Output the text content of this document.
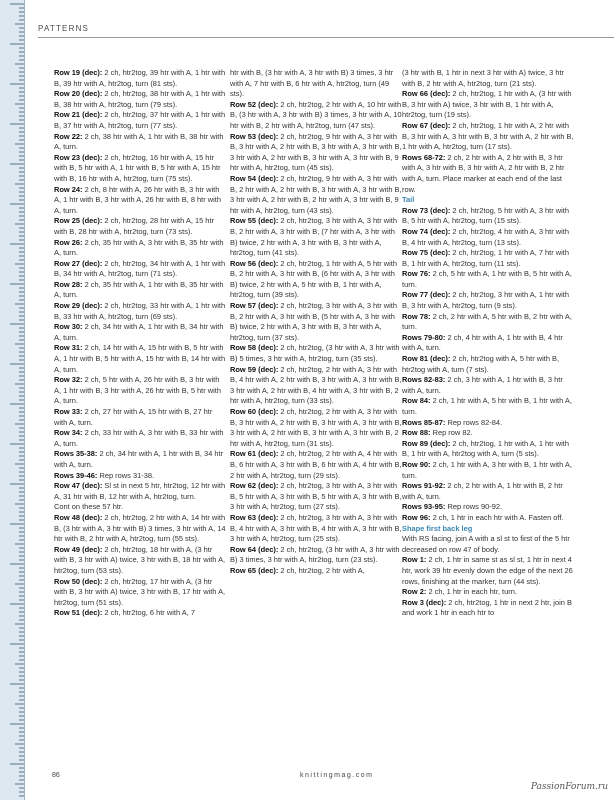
PATTERNS

Row 19 (dec): 2 ch, htr2tog, 39 htr with A, 1 htr with B, 39 htr with A, htr2tog, turn (81 sts).

Row 20 (dec): 2 ch, htr2tog, 38 htr with A, 1 htr with B, 38 htr with A, htr2tog, turn (79 sts).

Row 21 (dec): 2 ch, htr2tog, 37 htr with A, 1 htr with B, 37 htr with A, htr2tog, turn (77 sts).

Row 22: 2 ch, 38 htr with A, 1 htr with B, 38 htr with A, turn.

Row 23 (dec): 2 ch, htr2tog, 16 htr with A, 15 htr with B, 5 htr with A, 1 htr with B, 5 htr with A, 15 htr with B, 16 htr with A, htr2tog, turn (75 sts).

Row 24: 2 ch, 8 htr with A, 26 htr with B, 3 htr with A, 1 htr with B, 3 htr with A, 26 htr with B, 8 htr with A, turn.

Row 25 (dec): 2 ch, htr2tog, 28 htr with A, 15 htr with B, 28 htr with A, htr2tog, turn (73 sts).

Row 26: 2 ch, 35 htr with A, 3 htr with B, 35 htr with A, turn.

Row 27 (dec): 2 ch, htr2tog, 34 htr with A, 1 htr with B, 34 htr with A, htr2tog, turn (71 sts).

Row 28: 2 ch, 35 htr with A, 1 htr with B, 35 htr with A, turn.

Row 29 (dec): 2 ch, htr2tog, 33 htr with A, 1 htr with B, 33 htr with A, htr2tog, turn (69 sts).

Row 30: 2 ch, 34 htr with A, 1 htr with B, 34 htr with A, turn.

Row 31: 2 ch, 14 htr with A, 15 htr with B, 5 htr with A, 1 htr with B, 5 htr with A, 15 htr with B, 14 htr with A, turn.

Row 32: 2 ch, 5 htr with A, 26 htr with B, 3 htr with A, 1 htr with B, 3 htr with A, 26 htr with B, 5 htr with A, turn.

Row 33: 2 ch, 27 htr with A, 15 htr with B, 27 htr with A, turn.

Row 34: 2 ch, 33 htr with A, 3 htr with B, 33 htr with A, turn.

Rows 35-38: 2 ch, 34 htr with A, 1 htr with B, 34 htr with A, turn.

Rows 39-46: Rep rows 31-38.

Row 47 (dec): Sl st in next 5 htr, htr2tog, 12 htr with A, 31 htr with B, 12 htr with A, htr2tog, turn.

Cont on these 57 htr.

Row 48 (dec): 2 ch, htr2tog, 2 htr with A, 14 htr with B, (3 htr with A, 3 htr with B) 3 times, 3 htr with A, 14 htr with B, 2 htr with A, htr2tog, turn (55 sts).

Row 49 (dec): 2 ch, htr2tog, 18 htr with A, (3 htr with B, 3 htr with A) twice, 3 htr with B, 18 htr with A, htr2tog, turn (53 sts).

Row 50 (dec): 2 ch, htr2tog, 17 htr with A, (3 htr with B, 3 htr with A) twice, 3 htr with B, 17 htr with A, htr2tog, turn (51 sts).

Row 51 (dec): 2 ch, htr2tog, 6 htr with A, 7

htr with B, (3 htr with A, 3 htr with B) 3 times, 3 htr with A, 7 htr with B, 6 htr with A, htr2tog, turn (49 sts).

Row 52 (dec): 2 ch, htr2tog, 2 htr with A, 10 htr with B, (3 htr with A, 3 htr with B) 3 times, 3 htr with A, 10 htr with B, 2 htr with A, htr2tog, turn (47 sts).

Row 53 (dec): 2 ch, htr2tog, 9 htr with A, 3 htr with B, 3 htr with A, 2 htr with B, 3 htr with A, 3 htr with B, 3 htr with A, 2 htr with B, 3 htr with A, 3 htr with B, 9 htr with A, htr2tog, turn (45 sts).

Row 54 (dec): 2 ch, htr2tog, 9 htr with A, 3 htr with B, 2 htr with A, 2 htr with B, 3 htr with A, 3 htr with B, 3 htr with A, 2 htr with B, 2 htr with A, 3 htr with B, 9 htr with A, htr2tog, turn (43 sts).

Row 55 (dec): 2 ch, htr2tog, 3 htr with A, 3 htr with B, 2 htr with A, 3 htr with B, (7 htr with A, 3 htr with B) twice, 2 htr with A, 3 htr with B, 3 htr with A, htr2tog, turn (41 sts).

Row 56 (dec): 2 ch, htr2tog, 1 htr with A, 5 htr with B, 2 htr with A, 3 htr with B, (6 htr with A, 3 htr with B) twice, 2 htr with A, 5 htr with B, 1 htr with A, htr2tog, turn (39 sts).

Row 57 (dec): 2 ch, htr2tog, 3 htr with A, 3 htr with B, 2 htr with A, 3 htr with B, (5 htr with A, 3 htr with B) twice, 2 htr with A, 3 htr with B, 3 htr with A, htr2tog, turn (37 sts).

Row 58 (dec): 2 ch, htr2tog, (3 htr with A, 3 htr with B) 5 times, 3 htr with A, htr2tog, turn (35 sts).

Row 59 (dec): 2 ch, htr2tog, 2 htr with A, 3 htr with B, 4 htr with A, 2 htr with B, 3 htr with A, 3 htr with B, 3 htr with A, 2 htr with B, 4 htr with A, 3 htr with B, 2 htr with A, htr2tog, turn (33 sts).

Row 60 (dec): 2 ch, htr2tog, 2 htr with A, 3 htr with B, 3 htr with A, 2 htr with B, 3 htr with A, 3 htr with B, 3 htr with A, 2 htr with B, 3 htr with A, 3 htr with B, 2 htr with A, htr2tog, turn (31 sts).

Row 61 (dec): 2 ch, htr2tog, 2 htr with A, 4 htr with B, 6 htr with A, 3 htr with B, 6 htr with A, 4 htr with B, 2 htr with A, htr2tog, turn (29 sts).

Row 62 (dec): 2 ch, htr2tog, 3 htr with A, 3 htr with B, 5 htr with A, 3 htr with B, 5 htr with A, 3 htr with B, 3 htr with A, htr2tog, turn (27 sts).

Row 63 (dec): 2 ch, htr2tog, 3 htr with A, 3 htr with B, 4 htr with A, 3 htr with B, 4 htr with A, 3 htr with B, 3 htr with A, htr2tog, turn (25 sts).

Row 64 (dec): 2 ch, htr2tog, (3 htr with A, 3 htr with B) 3 times, 3 htr with A, htr2tog, turn (23 sts).

Row 65 (dec): 2 ch, htr2tog, 2 htr with A,

(3 htr with B, 1 htr in next 3 htr with A) twice, 3 htr with B, 2 htr with A, htr2tog, turn (21 sts).

Row 66 (dec): 2 ch, htr2tog, 1 htr with A, (3 htr with B, 3 htr with A) twice, 3 htr with B, 1 htr with A, htr2tog, turn (19 sts).

Row 67 (dec): 2 ch, htr2tog, 1 htr with A, 2 htr with B, 3 htr with A, 3 htr with B, 3 htr with A, 2 htr with B, 1 htr with A, htr2tog, turn (17 sts).

Rows 68-72: 2 ch, 2 htr with A, 2 htr with B, 3 htr with A, 3 htr with B, 3 htr with A, 2 htr with B, 2 htr with A, turn. Place marker at each end of the last row.

Tail

Row 73 (dec): 2 ch, htr2tog, 5 htr with A, 3 htr with B, 5 htr with A, htr2tog, turn (15 sts).

Row 74 (dec): 2 ch, htr2tog, 4 htr with A, 3 htr with B, 4 htr with A, htr2tog, turn (13 sts).

Row 75 (dec): 2 ch, htr2tog, 1 htr with A, 7 htr with B, 1 htr with A, htr2tog, turn (11 sts).

Row 76: 2 ch, 5 htr with A, 1 htr with B, 5 htr with A, turn.

Row 77 (dec): 2 ch, htr2tog, 3 htr with A, 1 htr with B, 3 htr with A, htr2tog, turn (9 sts).

Row 78: 2 ch, 2 htr with A, 5 htr with B, 2 htr with A, turn.

Rows 79-80: 2 ch, 4 htr with A, 1 htr with B, 4 htr with A, turn.

Row 81 (dec): 2 ch, htr2tog with A, 5 htr with B, htr2tog with A, turn (7 sts).

Rows 82-83: 2 ch, 3 htr with A, 1 htr with B, 3 htr with A, turn.

Row 84: 2 ch, 1 htr with A, 5 htr with B, 1 htr with A, turn.

Rows 85-87: Rep rows 82-84.

Row 88: Rep row 82.

Row 89 (dec): 2 ch, htr2tog, 1 htr with A, 1 htr with B, 1 htr with A, htr2tog with A, turn (5 sts).

Row 90: 2 ch, 1 htr with A, 3 htr with B, 1 htr with A, turn.

Rows 91-92: 2 ch, 2 htr with A, 1 htr with B, 2 htr with A, turn.

Rows 93-95: Rep rows 90-92.

Row 96: 2 ch, 1 htr in each htr with A. Fasten off.

Shape first back leg

With RS facing, join A with a sl st to first of the 5 htr decreased on row 47 of body.

Row 1: 2 ch, 1 htr in same st as sl st, 1 htr in next 4 htr, work 39 htr evenly down the edge of the next 26 rows, finishing at the marker, turn (44 sts).

Row 2: 2 ch, 1 htr in each htr, turn.

Row 3 (dec): 2 ch, htr2tog, 1 htr in next 2 htr, join B and work 1 htr in each htr to

86	knittingmag.com
PassionForum.ru
